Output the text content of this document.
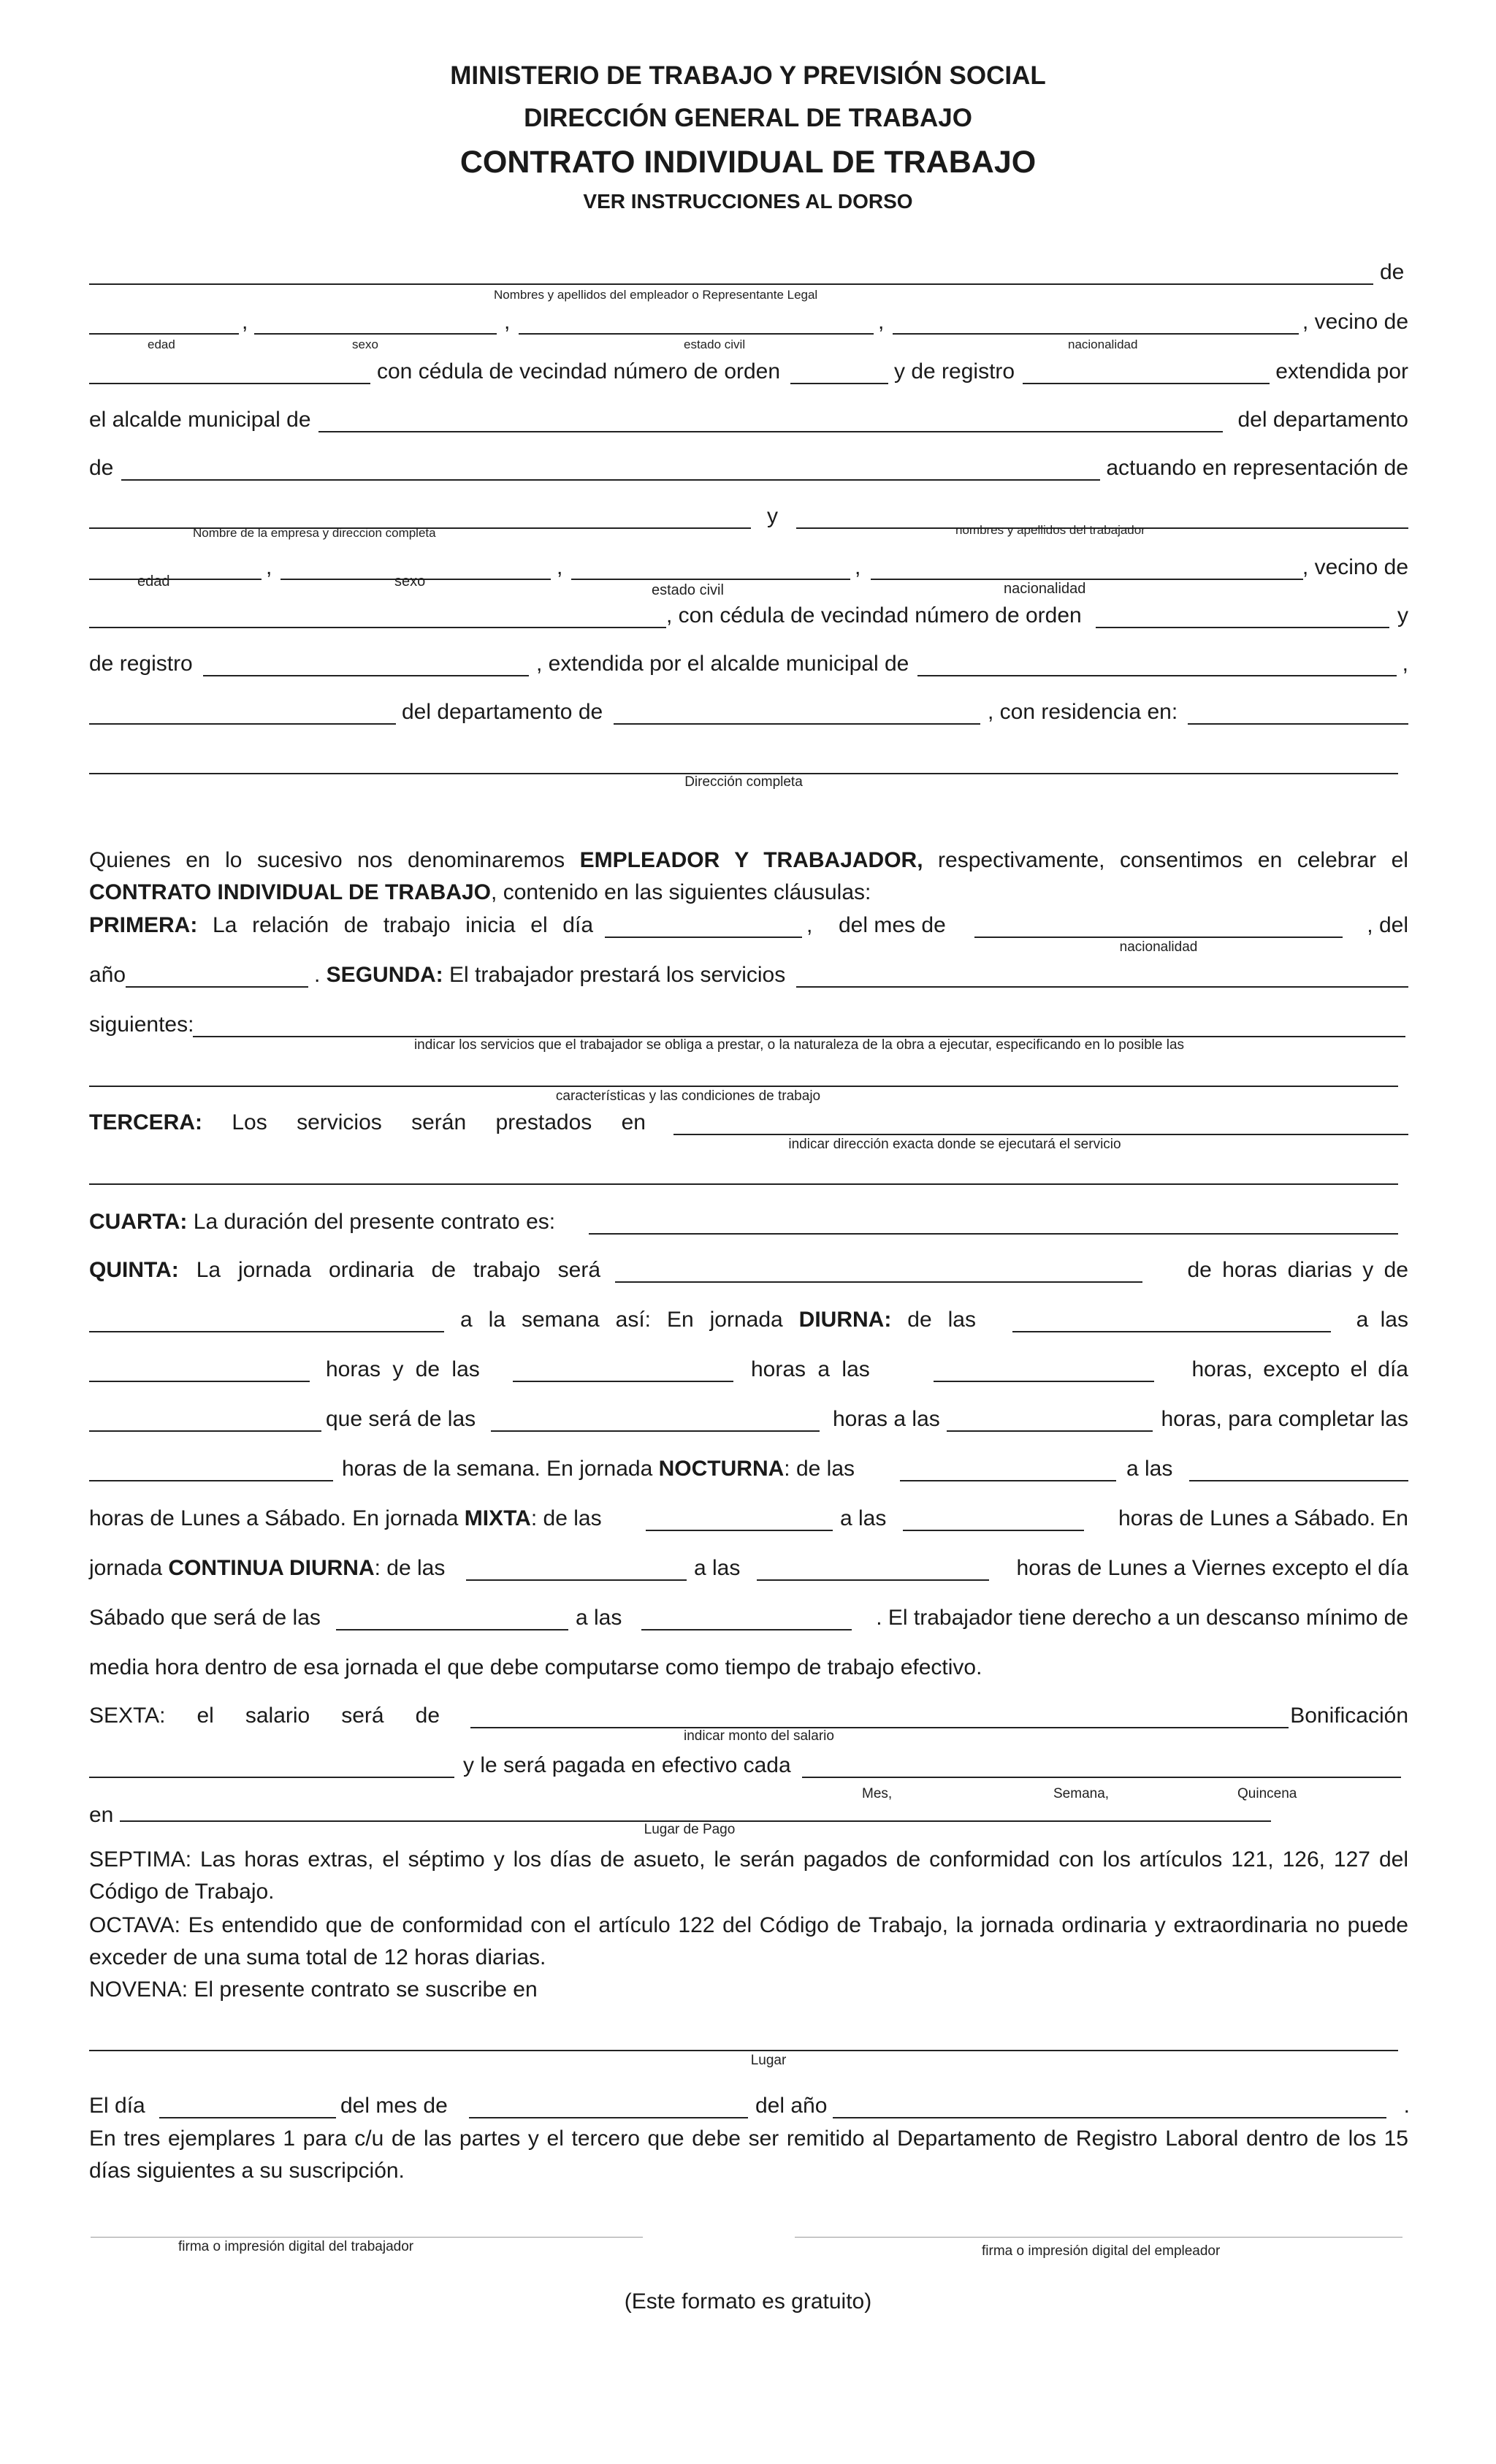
MINISTERIO DE TRABAJO Y PREVISIÓN SOCIAL
DIRECCIÓN GENERAL DE TRABAJO
CONTRATO INDIVIDUAL DE TRABAJO
VER INSTRUCCIONES AL DORSO
de
Nombres y apellidos del empleador o Representante Legal
,	,	,	, vecino de
edad	sexo	estado civil	nacionalidad
con cédula de vecindad número de orden	y de registro	extendida por
el alcalde municipal de	del departamento
de	actuando en representación de
y
Nombre de la empresa y direccion completa	nombres y apellidos del trabajador
,	,	,	, vecino de
edad	sexo
estado civil	nacionalidad
, con cédula de vecindad número de orden	y
de registro	, extendida por el alcalde municipal de	,
del departamento de	, con residencia en:
Dirección completa
Quienes en lo sucesivo nos denominaremos EMPLEADOR Y TRABAJADOR, respectivamente, consentimos en celebrar el
CONTRATO INDIVIDUAL DE TRABAJO, contenido en las siguientes cláusulas:
PRIMERA: La relación de trabajo inicia el día	, del mes de	, del
nacionalidad
año	. SEGUNDA: El trabajador prestará los servicios
siguientes:
indicar los servicios que el trabajador se obliga a prestar, o la naturaleza de la obra a ejecutar, especificando en lo posible las
características y las condiciones de trabajo
TERCERA: Los servicios serán prestados en
indicar dirección exacta donde se ejecutará el servicio
CUARTA: La duración del presente contrato es:
QUINTA: La jornada ordinaria de trabajo será	de horas diarias y de
a la semana así: En jornada DIURNA: de las	a las
horas y de las	horas a las	horas, excepto el día
que será de las	horas a las	horas, para completar las
horas de la semana. En jornada NOCTURNA: de las	a las
horas de Lunes a Sábado. En jornada MIXTA: de las	a las	horas de Lunes a Sábado. En
jornada CONTINUA DIURNA: de las	a las	horas de Lunes a Viernes excepto el día
Sábado que será de las	a las	. El trabajador tiene derecho a un descanso mínimo de
media hora dentro de esa jornada el que debe computarse como tiempo de trabajo efectivo.
SEXTA: el salario será de	Bonificación
indicar monto del salario
y le será pagada en efectivo cada
Mes,	Semana,	Quincena
en
Lugar de Pago
SEPTIMA: Las horas extras, el séptimo y los días de asueto, le serán pagados de conformidad con los artículos 121, 126, 127 del
Código de Trabajo.
OCTAVA: Es entendido que de conformidad con el artículo 122 del Código de Trabajo, la jornada ordinaria y extraordinaria no puede
exceder de una suma total de 12 horas diarias.
NOVENA: El presente contrato se suscribe en
Lugar
El día	del mes de	del año	.
En tres ejemplares 1 para c/u de las partes y el tercero que debe ser remitido al Departamento de Registro Laboral dentro de los 15
días siguientes a su suscripción.
firma o impresión digital del trabajador	firma o impresión digital del empleador
(Este formato es gratuito)
